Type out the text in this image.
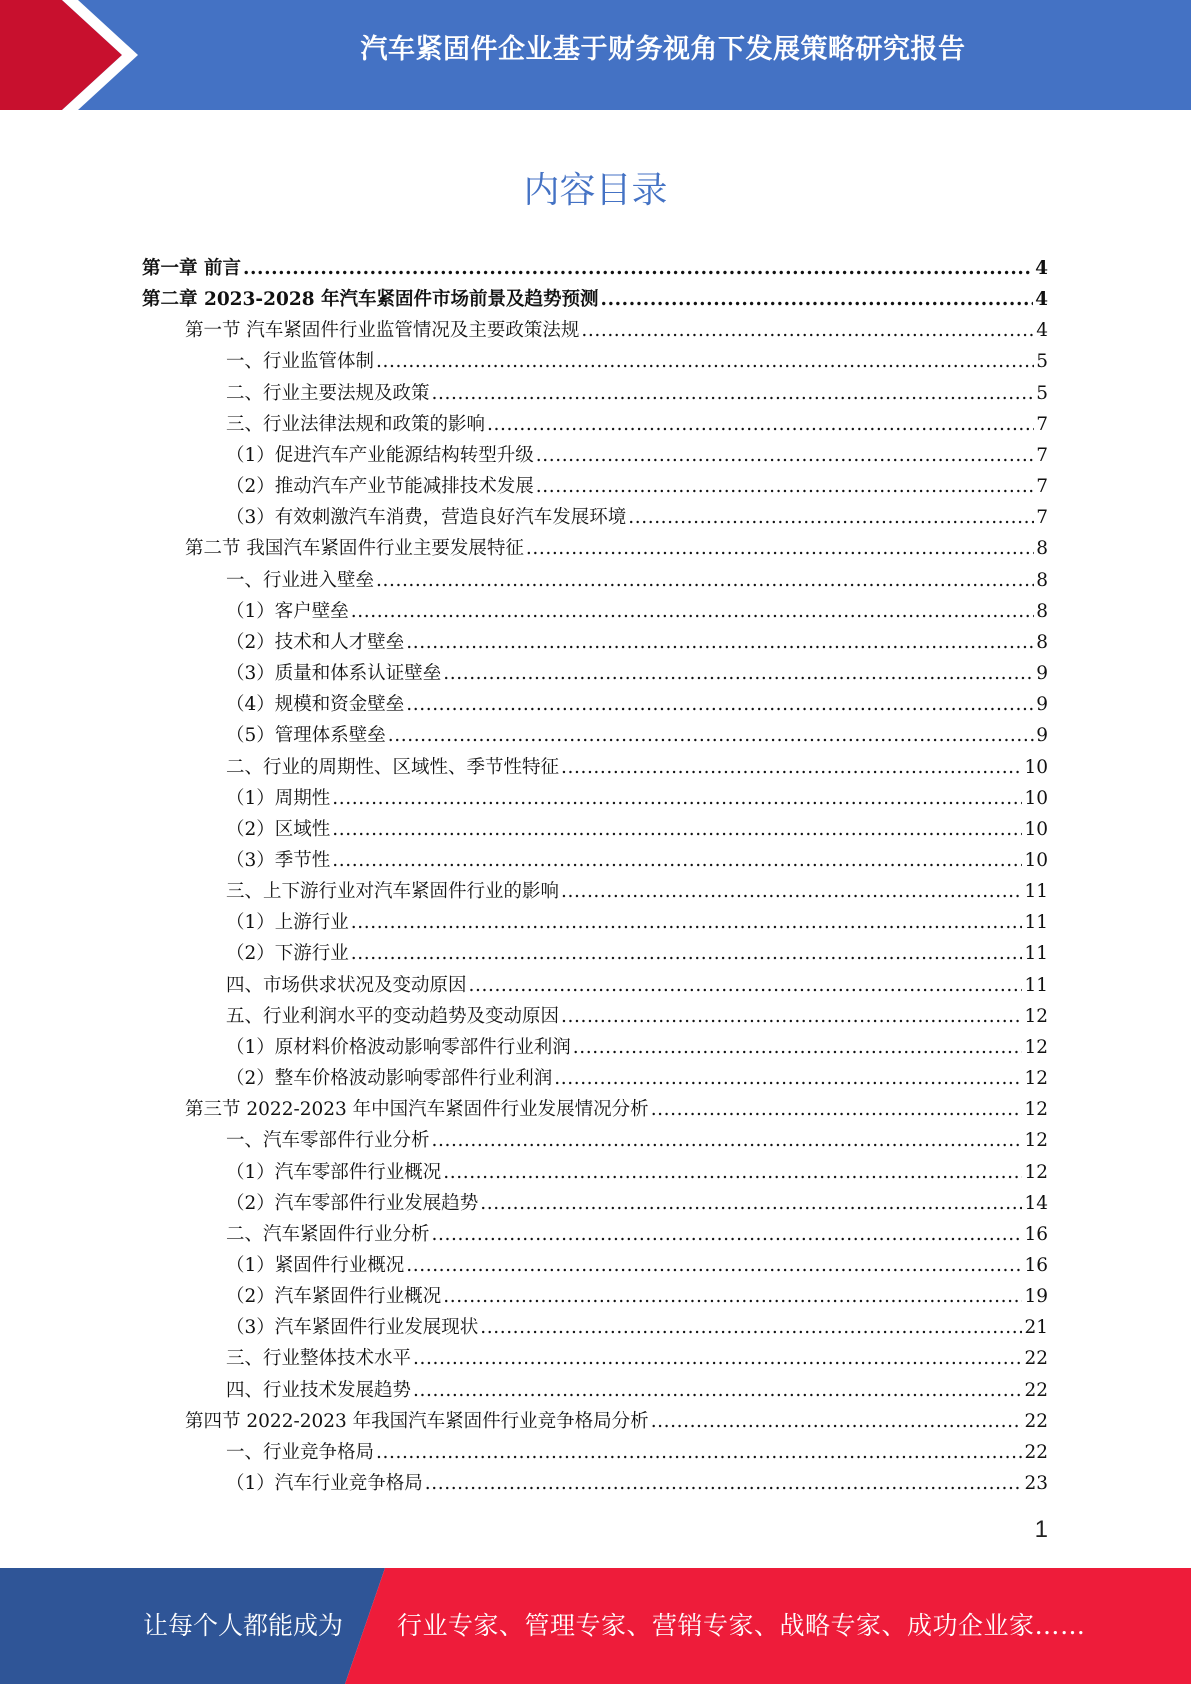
汽车紧固件企业基于财务视角下发展策略研究报告
内容目录
第一章 前言 .....	4
第二章 2023-2028 年汽车紧固件市场前景及趋势预测 .....	4
第一节 汽车紧固件行业监管情况及主要政策法规 .....	4
一、行业监管体制 .....	5
二、行业主要法规及政策 .....	5
三、行业法律法规和政策的影响 .....	7
（1）促进汽车产业能源结构转型升级 .....	7
（2）推动汽车产业节能减排技术发展 .....	7
（3）有效刺激汽车消费，营造良好汽车发展环境 .....	7
第二节 我国汽车紧固件行业主要发展特征 .....	8
一、行业进入壁垒 .....	8
（1）客户壁垒 .....	8
（2）技术和人才壁垒 .....	8
（3）质量和体系认证壁垒 .....	9
（4）规模和资金壁垒 .....	9
（5）管理体系壁垒 .....	9
二、行业的周期性、区域性、季节性特征 .....	10
（1）周期性 .....	10
（2）区域性 .....	10
（3）季节性 .....	10
三、上下游行业对汽车紧固件行业的影响 .....	11
（1）上游行业 .....	11
（2）下游行业 .....	11
四、市场供求状况及变动原因 .....	11
五、行业利润水平的变动趋势及变动原因 .....	12
（1）原材料价格波动影响零部件行业利润 .....	12
（2）整车价格波动影响零部件行业利润 .....	12
第三节 2022-2023 年中国汽车紧固件行业发展情况分析 .....	12
一、汽车零部件行业分析 .....	12
（1）汽车零部件行业概况 .....	12
（2）汽车零部件行业发展趋势 .....	14
二、汽车紧固件行业分析 .....	16
（1）紧固件行业概况 .....	16
（2）汽车紧固件行业概况 .....	19
（3）汽车紧固件行业发展现状 .....	21
三、行业整体技术水平 .....	22
四、行业技术发展趋势 .....	22
第四节 2022-2023 年我国汽车紧固件行业竞争格局分析 .....	22
一、行业竞争格局 .....	22
（1）汽车行业竞争格局 .....	23
1
让每个人都能成为 行业专家、管理专家、营销专家、战略专家、成功企业家……
